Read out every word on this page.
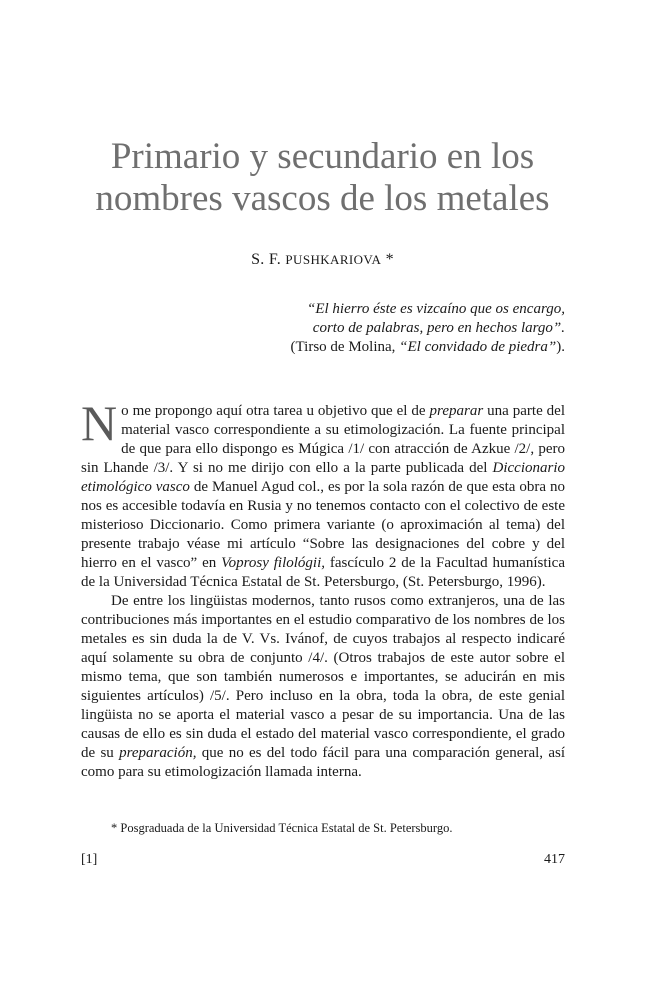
Primario y secundario en los
nombres vascos de los metales
S. F. PUSHKARIOVA *
“El hierro éste es vizcaíno que os encargo,
corto de palabras, pero en hechos largo”.
(Tirso de Molina, “El convidado de piedra”).

No me propongo aquí otra tarea u objetivo que el de preparar una parte del material vasco correspondiente a su etimologización. La fuente principal de que para ello dispongo es Múgica /1/ con atracción de Azkue /2/, pero sin Lhande /3/. Y si no me dirijo con ello a la parte publicada del Diccionario etimológico vasco de Manuel Agud col., es por la sola razón de que esta obra no nos es accesible todavía en Rusia y no tenemos contacto con el colectivo de este misterioso Diccionario. Como primera variante (o aproximación al tema) del presente trabajo véase mi artículo “Sobre las designaciones del cobre y del hierro en el vasco” en Voprosy filológii, fascículo 2 de la Facultad humanística de la Universidad Técnica Estatal de St. Petersburgo, (St. Petersburgo, 1996).

De entre los lingüistas modernos, tanto rusos como extranjeros, una de las contribuciones más importantes en el estudio comparativo de los nombres de los metales es sin duda la de V. Vs. Ivánof, de cuyos trabajos al respecto indicaré aquí solamente su obra de conjunto /4/. (Otros trabajos de este autor sobre el mismo tema, que son también numerosos e importantes, se aducirán en mis siguientes artículos) /5/. Pero incluso en la obra, toda la obra, de este genial lingüista no se aporta el material vasco a pesar de su importancia. Una de las causas de ello es sin duda el estado del material vasco correspondiente, el grado de su preparación, que no es del todo fácil para una comparación general, así como para su etimologización llamada interna.

* Posgraduada de la Universidad Técnica Estatal de St. Petersburgo.
[1]	417
